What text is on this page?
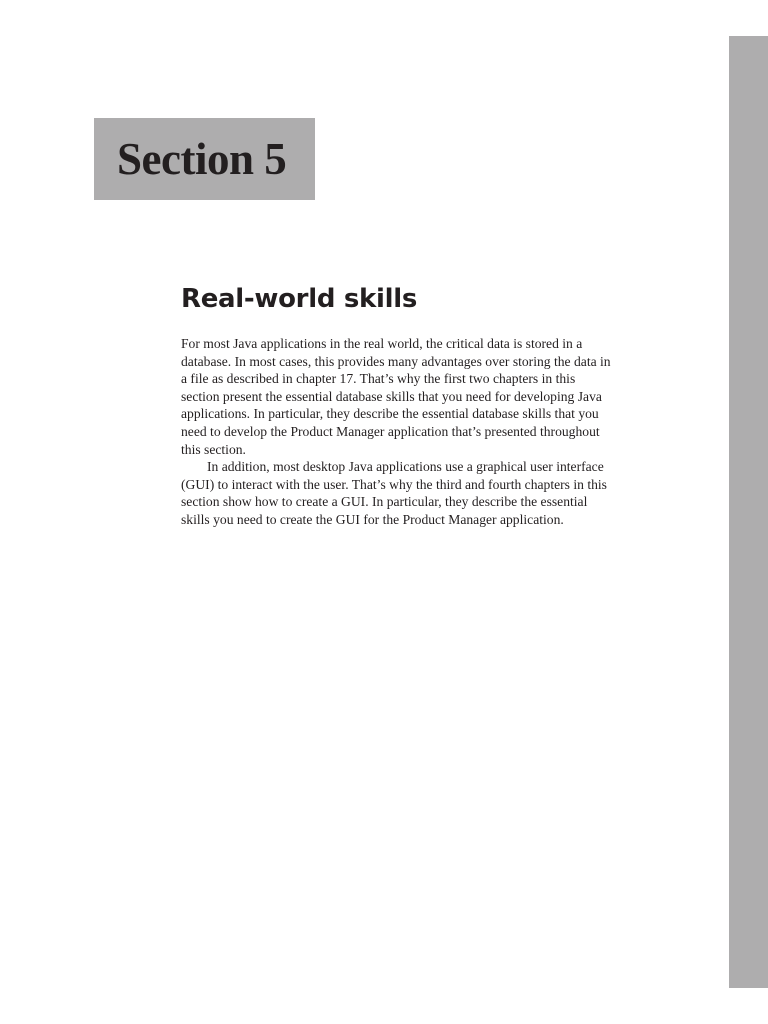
Section 5
Real-world skills

For most Java applications in the real world, the critical data is stored in a database. In most cases, this provides many advantages over storing the data in a file as described in chapter 17. That’s why the first two chapters in this section present the essential database skills that you need for developing Java applications. In particular, they describe the essential database skills that you need to develop the Product Manager application that’s presented throughout this section.

In addition, most desktop Java applications use a graphical user interface (GUI) to interact with the user. That’s why the third and fourth chapters in this section show how to create a GUI. In particular, they describe the essential skills you need to create the GUI for the Product Manager application.
